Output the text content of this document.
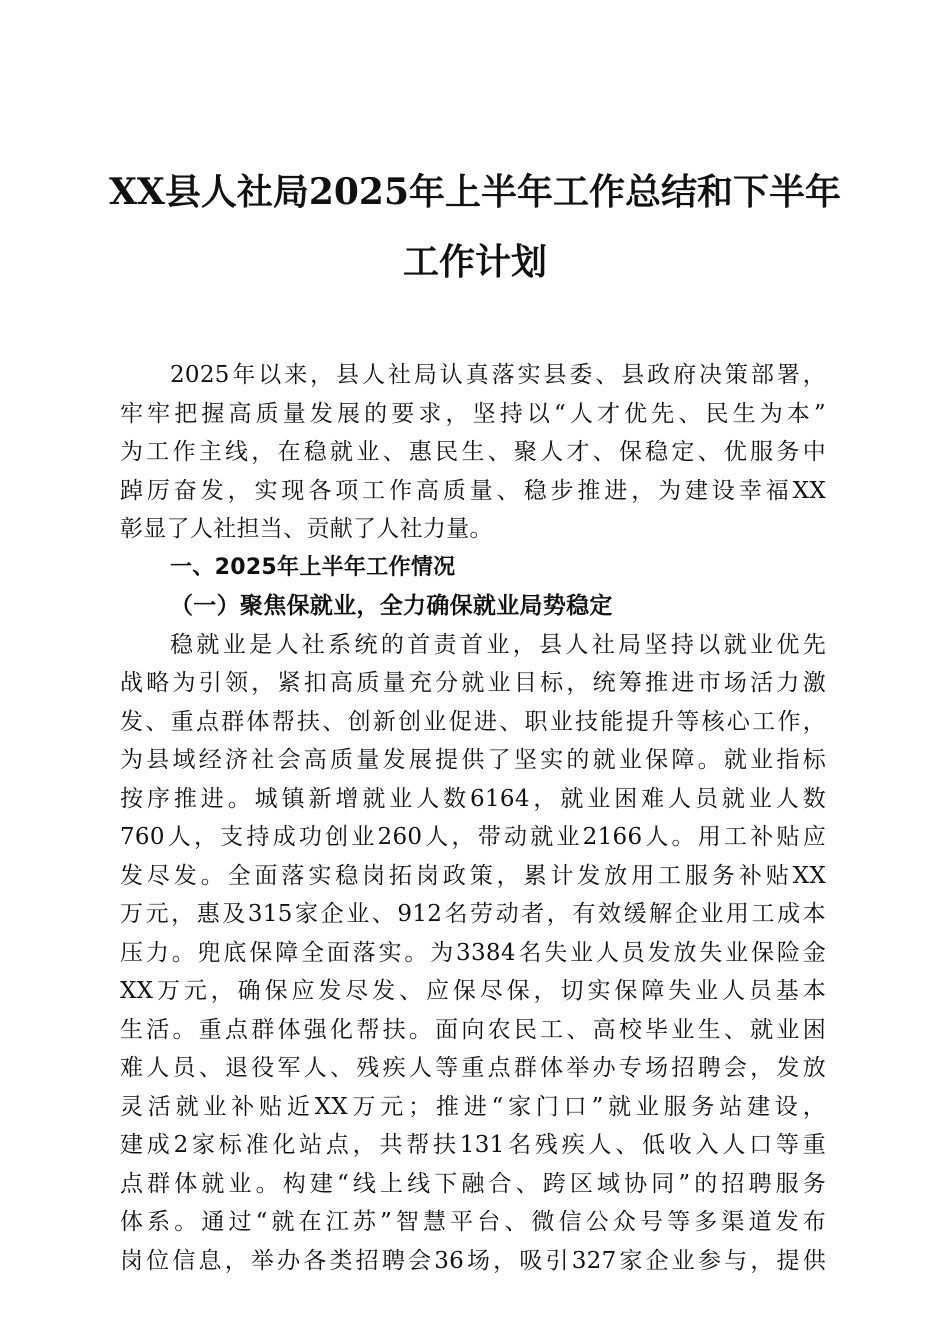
XX县人社局2025年上半年工作总结和下半年
工作计划
2025年以来，县人社局认真落实县委、县政府决策部署，
牢牢把握高质量发展的要求，坚持以“人才优先、民生为本”
为工作主线，在稳就业、惠民生、聚人才、保稳定、优服务中
踔厉奋发，实现各项工作高质量、稳步推进，为建设幸福XX
彰显了人社担当、贡献了人社力量。
一、2025年上半年工作情况
（一）聚焦保就业，全力确保就业局势稳定
稳就业是人社系统的首责首业，县人社局坚持以就业优先
战略为引领，紧扣高质量充分就业目标，统筹推进市场活力激
发、重点群体帮扶、创新创业促进、职业技能提升等核心工作，
为县域经济社会高质量发展提供了坚实的就业保障。就业指标
按序推进。城镇新增就业人数6164，就业困难人员就业人数
760人，支持成功创业260人，带动就业2166人。用工补贴应
发尽发。全面落实稳岗拓岗政策，累计发放用工服务补贴XX
万元，惠及315家企业、912名劳动者，有效缓解企业用工成本
压力。兜底保障全面落实。为3384名失业人员发放失业保险金
XX万元，确保应发尽发、应保尽保，切实保障失业人员基本
生活。重点群体强化帮扶。面向农民工、高校毕业生、就业困
难人员、退役军人、残疾人等重点群体举办专场招聘会，发放
灵活就业补贴近XX万元；推进“家门口”就业服务站建设，
建成2家标准化站点，共帮扶131名残疾人、低收入人口等重
点群体就业。构建“线上线下融合、跨区域协同”的招聘服务
体系。通过“就在江苏”智慧平台、微信公众号等多渠道发布
岗位信息，举办各类招聘会36场，吸引327家企业参与，提供
